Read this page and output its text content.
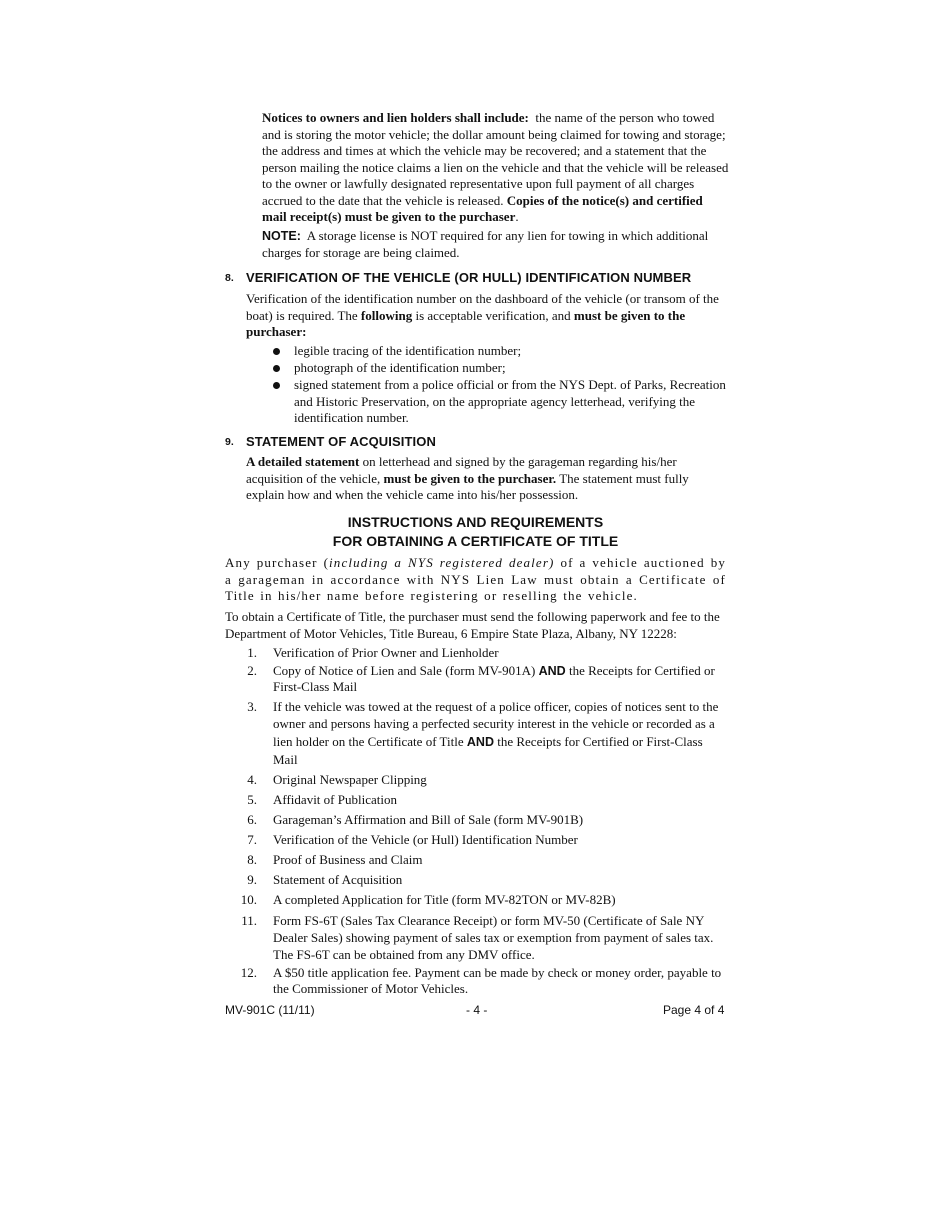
Notices to owners and lien holders shall include: the name of the person who towed and is storing the motor vehicle; the dollar amount being claimed for towing and storage; the address and times at which the vehicle may be recovered; and a statement that the person mailing the notice claims a lien on the vehicle and that the vehicle will be released to the owner or lawfully designated representative upon full payment of all charges accrued to the date that the vehicle is released. Copies of the notice(s) and certified mail receipt(s) must be given to the purchaser.
NOTE: A storage license is NOT required for any lien for towing in which additional charges for storage are being claimed.
8. VERIFICATION OF THE VEHICLE (OR HULL) IDENTIFICATION NUMBER
Verification of the identification number on the dashboard of the vehicle (or transom of the boat) is required. The following is acceptable verification, and must be given to the purchaser:
legible tracing of the identification number;
photograph of the identification number;
signed statement from a police official or from the NYS Dept. of Parks, Recreation and Historic Preservation, on the appropriate agency letterhead, verifying the identification number.
9. STATEMENT OF ACQUISITION
A detailed statement on letterhead and signed by the garageman regarding his/her acquisition of the vehicle, must be given to the purchaser. The statement must fully explain how and when the vehicle came into his/her possession.
INSTRUCTIONS AND REQUIREMENTS
FOR OBTAINING A CERTIFICATE OF TITLE
Any purchaser (including a NYS registered dealer) of a vehicle auctioned by a garageman in accordance with NYS Lien Law must obtain a Certificate of Title in his/her name before registering or reselling the vehicle.
To obtain a Certificate of Title, the purchaser must send the following paperwork and fee to the Department of Motor Vehicles, Title Bureau, 6 Empire State Plaza, Albany, NY 12228:
1. Verification of Prior Owner and Lienholder
2. Copy of Notice of Lien and Sale (form MV-901A) AND the Receipts for Certified or First-Class Mail
3. If the vehicle was towed at the request of a police officer, copies of notices sent to the owner and persons having a perfected security interest in the vehicle or recorded as a lien holder on the Certificate of Title AND the Receipts for Certified or First-Class Mail
4. Original Newspaper Clipping
5. Affidavit of Publication
6. Garageman’s Affirmation and Bill of Sale (form MV-901B)
7. Verification of the Vehicle (or Hull) Identification Number
8. Proof of Business and Claim
9. Statement of Acquisition
10. A completed Application for Title (form MV-82TON or MV-82B)
11. Form FS-6T (Sales Tax Clearance Receipt) or form MV-50 (Certificate of Sale NY Dealer Sales) showing payment of sales tax or exemption from payment of sales tax. The FS-6T can be obtained from any DMV office.
12. A $50 title application fee. Payment can be made by check or money order, payable to the Commissioner of Motor Vehicles.
MV-901C (11/11)	- 4 -	Page 4 of 4
